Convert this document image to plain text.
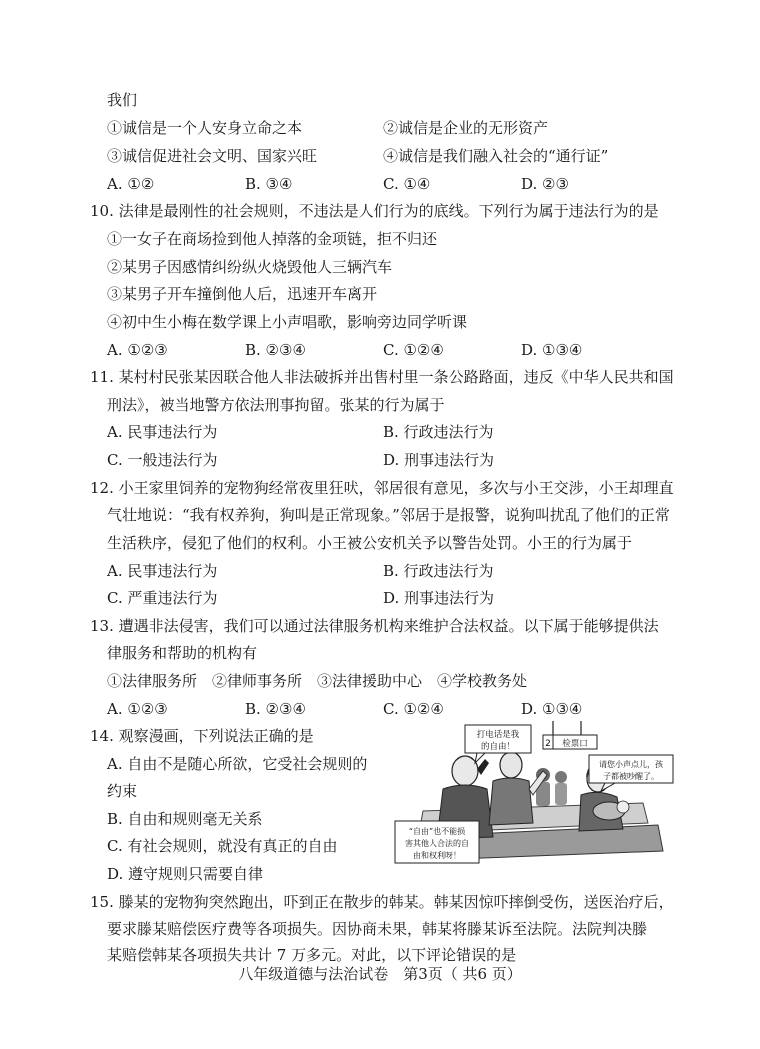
我们
①诚信是一个人安身立命之本	②诚信是企业的无形资产
③诚信促进社会文明、国家兴旺	④诚信是我们融入社会的“通行证”
A. ①②	B. ③④	C. ①④	D. ②③
10. 法律是最刚性的社会规则，不违法是人们行为的底线。下列行为属于违法行为的是
①一女子在商场捡到他人掉落的金项链，拒不归还
②某男子因感情纠纷纵火烧毁他人三辆汽车
③某男子开车撞倒他人后，迅速开车离开
④初中生小梅在数学课上小声唱歌，影响旁边同学听课
A. ①②③	B. ②③④	C. ①②④	D. ①③④
11. 某村村民张某因联合他人非法破拆并出售村里一条公路路面，违反《中华人民共和国
刑法》，被当地警方依法刑事拘留。张某的行为属于
A. 民事违法行为	B. 行政违法行为
C. 一般违法行为	D. 刑事违法行为
12. 小王家里饲养的宠物狗经常夜里狂吠，邻居很有意见，多次与小王交涉，小王却理直
气壮地说：“我有权养狗，狗叫是正常现象。”邻居于是报警，说狗叫扰乱了他们的正常
生活秩序，侵犯了他们的权利。小王被公安机关予以警告处罚。小王的行为属于
A. 民事违法行为	B. 行政违法行为
C. 严重违法行为	D. 刑事违法行为
13. 遭遇非法侵害，我们可以通过法律服务机构来维护合法权益。以下属于能够提供法
律服务和帮助的机构有
①法律服务所　②律师事务所　③法律援助中心　④学校教务处
A. ①②③	B. ②③④	C. ①②④	D. ①③④
14. 观察漫画，下列说法正确的是
A. 自由不是随心所欲，它受社会规则的
约束
B. 自由和规则毫无关系
C. 有社会规则，就没有真正的自由
D. 遵守规则只需要自律
打电话是我
的自由！	2 检票口
请您小声点儿，孩
子都被吵醒了。
“自由”也不能损
害其他人合法的自
由和权利呀！
15. 滕某的宠物狗突然跑出，吓到正在散步的韩某。韩某因惊吓摔倒受伤，送医治疗后，
要求滕某赔偿医疗费等各项损失。因协商未果，韩某将滕某诉至法院。法院判决滕
某赔偿韩某各项损失共计 7 万多元。对此，以下评论错误的是
八年级道德与法治试卷　第3页（ 共6 页）
